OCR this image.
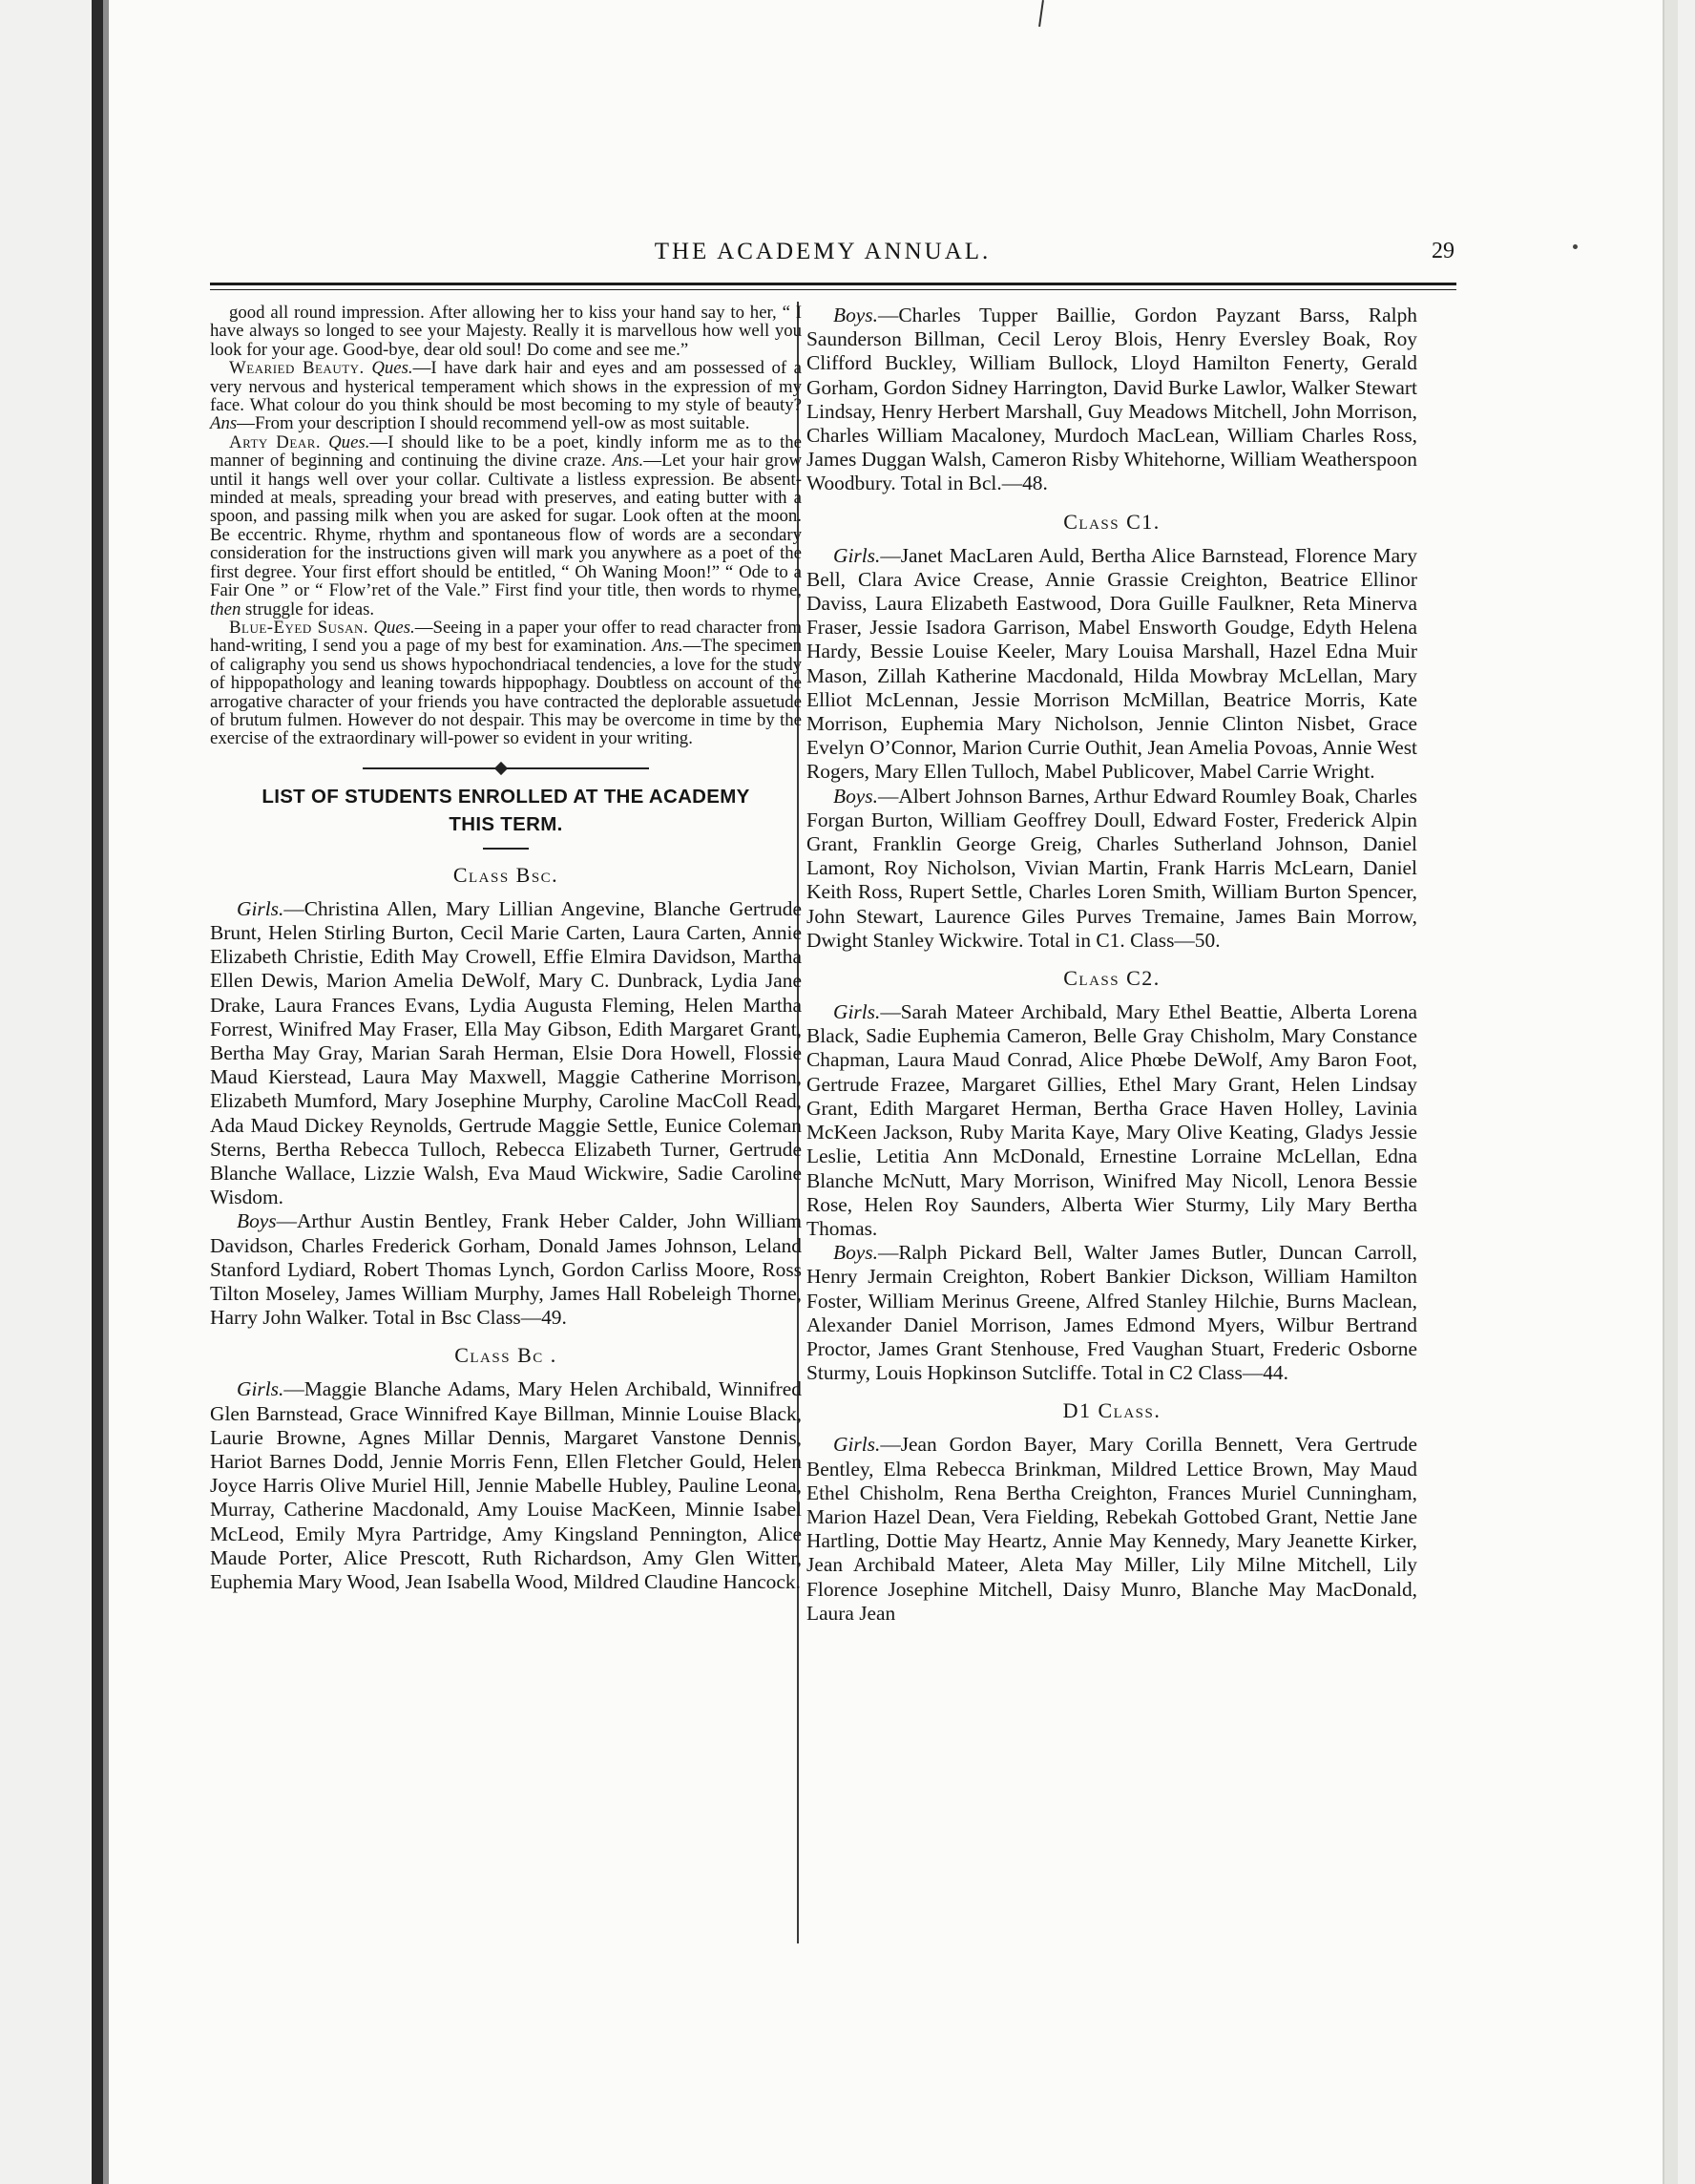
THE ACADEMY ANNUAL.	29

good all round impression. After allowing her to kiss your hand say to her, “ I have always so longed to see your Majesty. Really it is marvellous how well you look for your age. Good-bye, dear old soul! Do come and see me.”

Wearied Beauty. Ques.—I have dark hair and eyes and am possessed of a very nervous and hysterical temperament which shows in the expression of my face. What colour do you think should be most becoming to my style of beauty? Ans—From your description I should recommend yell-ow as most suitable.

Arty Dear. Ques.—I should like to be a poet, kindly inform me as to the manner of beginning and continuing the divine craze. Ans.—Let your hair grow until it hangs well over your collar. Cultivate a listless expression. Be absent-minded at meals, spreading your bread with preserves, and eating butter with a spoon, and passing milk when you are asked for sugar. Look often at the moon. Be eccentric. Rhyme, rhythm and spontaneous flow of words are a secondary consideration for the instructions given will mark you anywhere as a poet of the first degree. Your first effort should be entitled, “ Oh Waning Moon!” “ Ode to a Fair One ” or “ Flow’ret of the Vale.” First find your title, then words to rhyme, then struggle for ideas.

Blue-Eyed Susan. Ques.—Seeing in a paper your offer to read character from hand-writing, I send you a page of my best for examination. Ans.—The specimen of caligraphy you send us shows hypochondriacal tendencies, a love for the study of hippopathology and leaning towards hippophagy. Doubtless on account of the arrogative character of your friends you have contracted the deplorable assuetude of brutum fulmen. However do not despair. This may be overcome in time by the exercise of the extraordinary will-power so evident in your writing.

LIST OF STUDENTS ENROLLED AT THE ACADEMY
THIS TERM.
Class Bsc.

Girls.—Christina Allen, Mary Lillian Angevine, Blanche Gertrude Brunt, Helen Stirling Burton, Cecil Marie Carten, Laura Carten, Annie Elizabeth Christie, Edith May Crowell, Effie Elmira Davidson, Martha Ellen Dewis, Marion Amelia DeWolf, Mary C. Dunbrack, Lydia Jane Drake, Laura Frances Evans, Lydia Augusta Fleming, Helen Martha Forrest, Winifred May Fraser, Ella May Gibson, Edith Margaret Grant, Bertha May Gray, Marian Sarah Herman, Elsie Dora Howell, Flossie Maud Kierstead, Laura May Maxwell, Maggie Catherine Morrison, Elizabeth Mumford, Mary Josephine Murphy, Caroline MacColl Read, Ada Maud Dickey Reynolds, Gertrude Maggie Settle, Eunice Coleman Sterns, Bertha Rebecca Tulloch, Rebecca Elizabeth Turner, Gertrude Blanche Wallace, Lizzie Walsh, Eva Maud Wickwire, Sadie Caroline Wisdom.

Boys—Arthur Austin Bentley, Frank Heber Calder, John William Davidson, Charles Frederick Gorham, Donald James Johnson, Leland Stanford Lydiard, Robert Thomas Lynch, Gordon Carliss Moore, Ross Tilton Moseley, James William Murphy, James Hall Robeleigh Thorne, Harry John Walker. Total in Bsc Class—49.

Class Bc .

Girls.—Maggie Blanche Adams, Mary Helen Archibald, Winnifred Glen Barnstead, Grace Winnifred Kaye Billman, Minnie Louise Black, Laurie Browne, Agnes Millar Dennis, Margaret Vanstone Dennis, Hariot Barnes Dodd, Jennie Morris Fenn, Ellen Fletcher Gould, Helen Joyce Harris Olive Muriel Hill, Jennie Mabelle Hubley, Pauline Leona, Murray, Catherine Macdonald, Amy Louise MacKeen, Minnie Isabel McLeod, Emily Myra Partridge, Amy Kingsland Pennington, Alice Maude Porter, Alice Prescott, Ruth Richardson, Amy Glen Witter, Euphemia Mary Wood, Jean Isabella Wood, Mildred Claudine Hancock.

Boys.—Charles Tupper Baillie, Gordon Payzant Barss, Ralph Saunderson Billman, Cecil Leroy Blois, Henry Eversley Boak, Roy Clifford Buckley, William Bullock, Lloyd Hamilton Fenerty, Gerald Gorham, Gordon Sidney Harrington, David Burke Lawlor, Walker Stewart Lindsay, Henry Herbert Marshall, Guy Meadows Mitchell, John Morrison, Charles William Macaloney, Murdoch MacLean, William Charles Ross, James Duggan Walsh, Cameron Risby Whitehorne, William Weatherspoon Woodbury. Total in Bcl.—48.

Class C1.

Girls.—Janet MacLaren Auld, Bertha Alice Barnstead, Florence Mary Bell, Clara Avice Crease, Annie Grassie Creighton, Beatrice Ellinor Daviss, Laura Elizabeth Eastwood, Dora Guille Faulkner, Reta Minerva Fraser, Jessie Isadora Garrison, Mabel Ensworth Goudge, Edyth Helena Hardy, Bessie Louise Keeler, Mary Louisa Marshall, Hazel Edna Muir Mason, Zillah Katherine Macdonald, Hilda Mowbray McLellan, Mary Elliot McLennan, Jessie Morrison McMillan, Beatrice Morris, Kate Morrison, Euphemia Mary Nicholson, Jennie Clinton Nisbet, Grace Evelyn O’Connor, Marion Currie Outhit, Jean Amelia Povoas, Annie West Rogers, Mary Ellen Tulloch, Mabel Publicover, Mabel Carrie Wright.

Boys.—Albert Johnson Barnes, Arthur Edward Roumley Boak, Charles Forgan Burton, William Geoffrey Doull, Edward Foster, Frederick Alpin Grant, Franklin George Greig, Charles Sutherland Johnson, Daniel Lamont, Roy Nicholson, Vivian Martin, Frank Harris McLearn, Daniel Keith Ross, Rupert Settle, Charles Loren Smith, William Burton Spencer, John Stewart, Laurence Giles Purves Tremaine, James Bain Morrow, Dwight Stanley Wickwire. Total in C1. Class—50.

Class C2.

Girls.—Sarah Mateer Archibald, Mary Ethel Beattie, Alberta Lorena Black, Sadie Euphemia Cameron, Belle Gray Chisholm, Mary Constance Chapman, Laura Maud Conrad, Alice Phœbe DeWolf, Amy Baron Foot, Gertrude Frazee, Margaret Gillies, Ethel Mary Grant, Helen Lindsay Grant, Edith Margaret Herman, Bertha Grace Haven Holley, Lavinia McKeen Jackson, Ruby Marita Kaye, Mary Olive Keating, Gladys Jessie Leslie, Letitia Ann McDonald, Ernestine Lorraine McLellan, Edna Blanche McNutt, Mary Morrison, Winifred May Nicoll, Lenora Bessie Rose, Helen Roy Saunders, Alberta Wier Sturmy, Lily Mary Bertha Thomas.

Boys.—Ralph Pickard Bell, Walter James Butler, Duncan Carroll, Henry Jermain Creighton, Robert Bankier Dickson, William Hamilton Foster, William Merinus Greene, Alfred Stanley Hilchie, Burns Maclean, Alexander Daniel Morrison, James Edmond Myers, Wilbur Bertrand Proctor, James Grant Stenhouse, Fred Vaughan Stuart, Frederic Osborne Sturmy, Louis Hopkinson Sutcliffe. Total in C2 Class—44.

D1 Class.

Girls.—Jean Gordon Bayer, Mary Corilla Bennett, Vera Gertrude Bentley, Elma Rebecca Brinkman, Mildred Lettice Brown, May Maud Ethel Chisholm, Rena Bertha Creighton, Frances Muriel Cunningham, Marion Hazel Dean, Vera Fielding, Rebekah Gottobed Grant, Nettie Jane Hartling, Dottie May Heartz, Annie May Kennedy, Mary Jeanette Kirker, Jean Archibald Mateer, Aleta May Miller, Lily Milne Mitchell, Lily Florence Josephine Mitchell, Daisy Munro, Blanche May MacDonald, Laura Jean
